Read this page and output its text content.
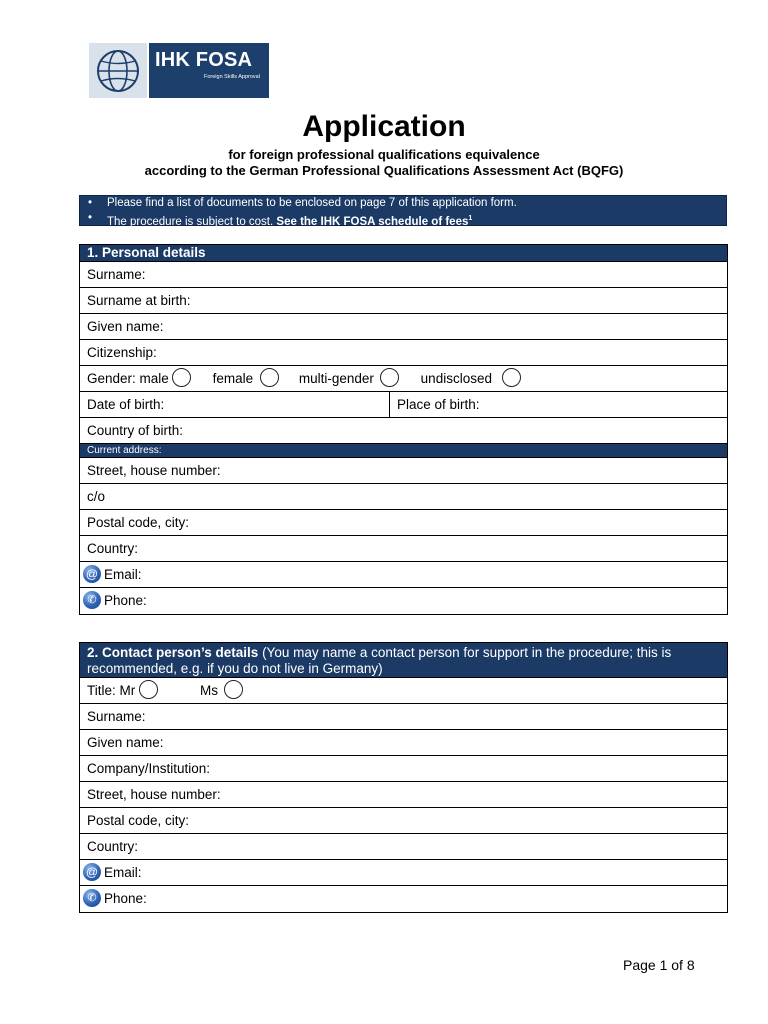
IHK FOSA
Foreign Skills Approval
Application
for foreign professional qualifications equivalence
according to the German Professional Qualifications Assessment Act (BQFG)
• Please find a list of documents to be enclosed on page 7 of this application form.
• The procedure is subject to cost. See the IHK FOSA schedule of fees$^1$
1. Personal details
Surname:
Surname at birth:
Given name:
Citizenship:
Gender: male	female	multi-gender	undisclosed
Date of birth:	Place of birth:
Country of birth:
Current address:
Street, house number:
c/o
Postal code, city:
Country:
@ Email:
✆ Phone:
2. Contact person’s details (You may name a contact person for support in the procedure; this is recommended, e.g. if you do not live in Germany)
Title: Mr	Ms
Surname:
Given name:
Company/Institution:
Street, house number:
Postal code, city:
Country:
@ Email:
✆ Phone:
Page 1 of 8
